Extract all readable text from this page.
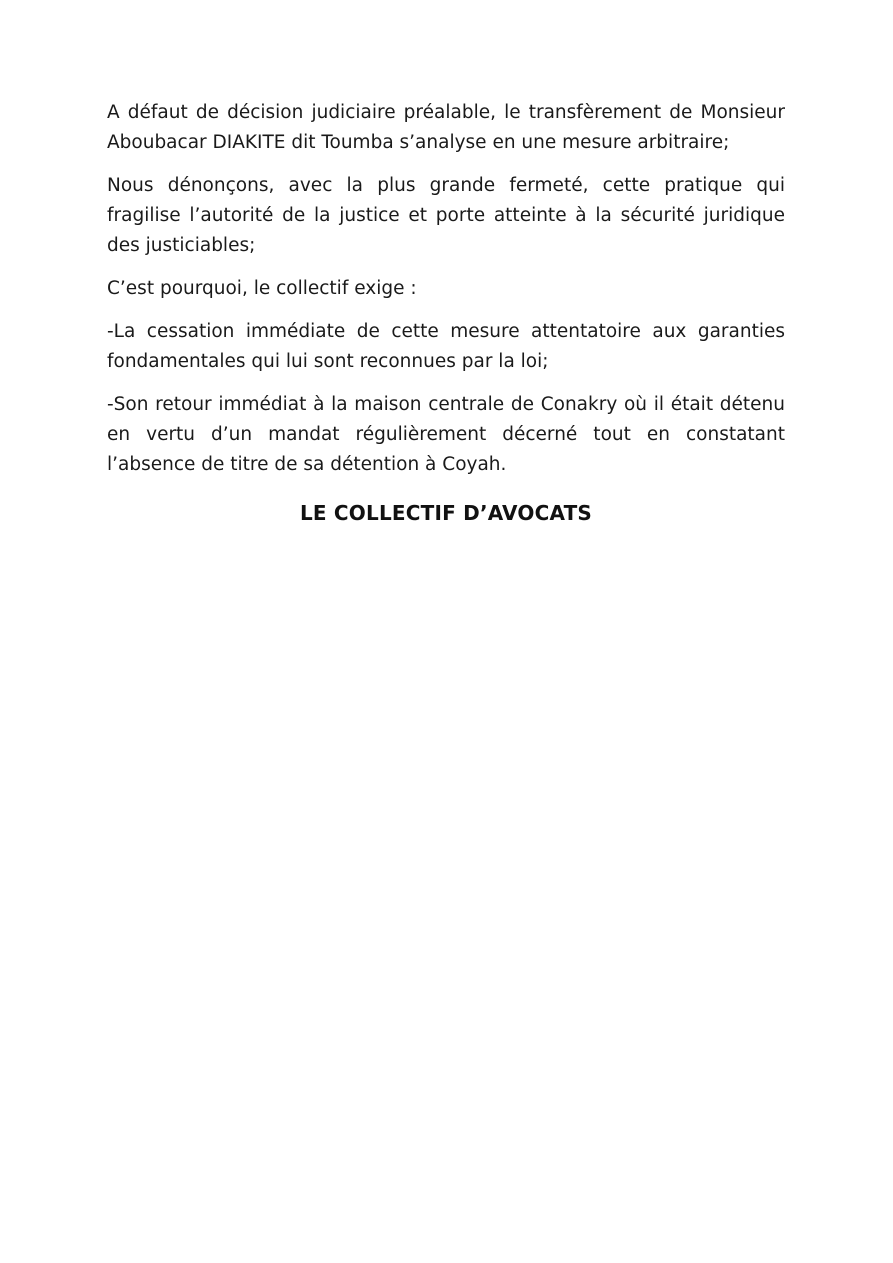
A défaut de décision judiciaire préalable, le transfèrement de Monsieur Aboubacar DIAKITE dit Toumba s’analyse en une mesure arbitraire;

Nous dénonçons, avec la plus grande fermeté, cette pratique qui fragilise l’autorité de la justice et porte atteinte à la sécurité juridique des justiciables;

C’est pourquoi, le collectif exige :

-La cessation immédiate de cette mesure attentatoire aux garanties fondamentales qui lui sont reconnues par la loi;

-Son retour immédiat à la maison centrale de Conakry où il était détenu en vertu d’un mandat régulièrement décerné tout en constatant l’absence de titre de sa détention à Coyah.

LE COLLECTIF D’AVOCATS
